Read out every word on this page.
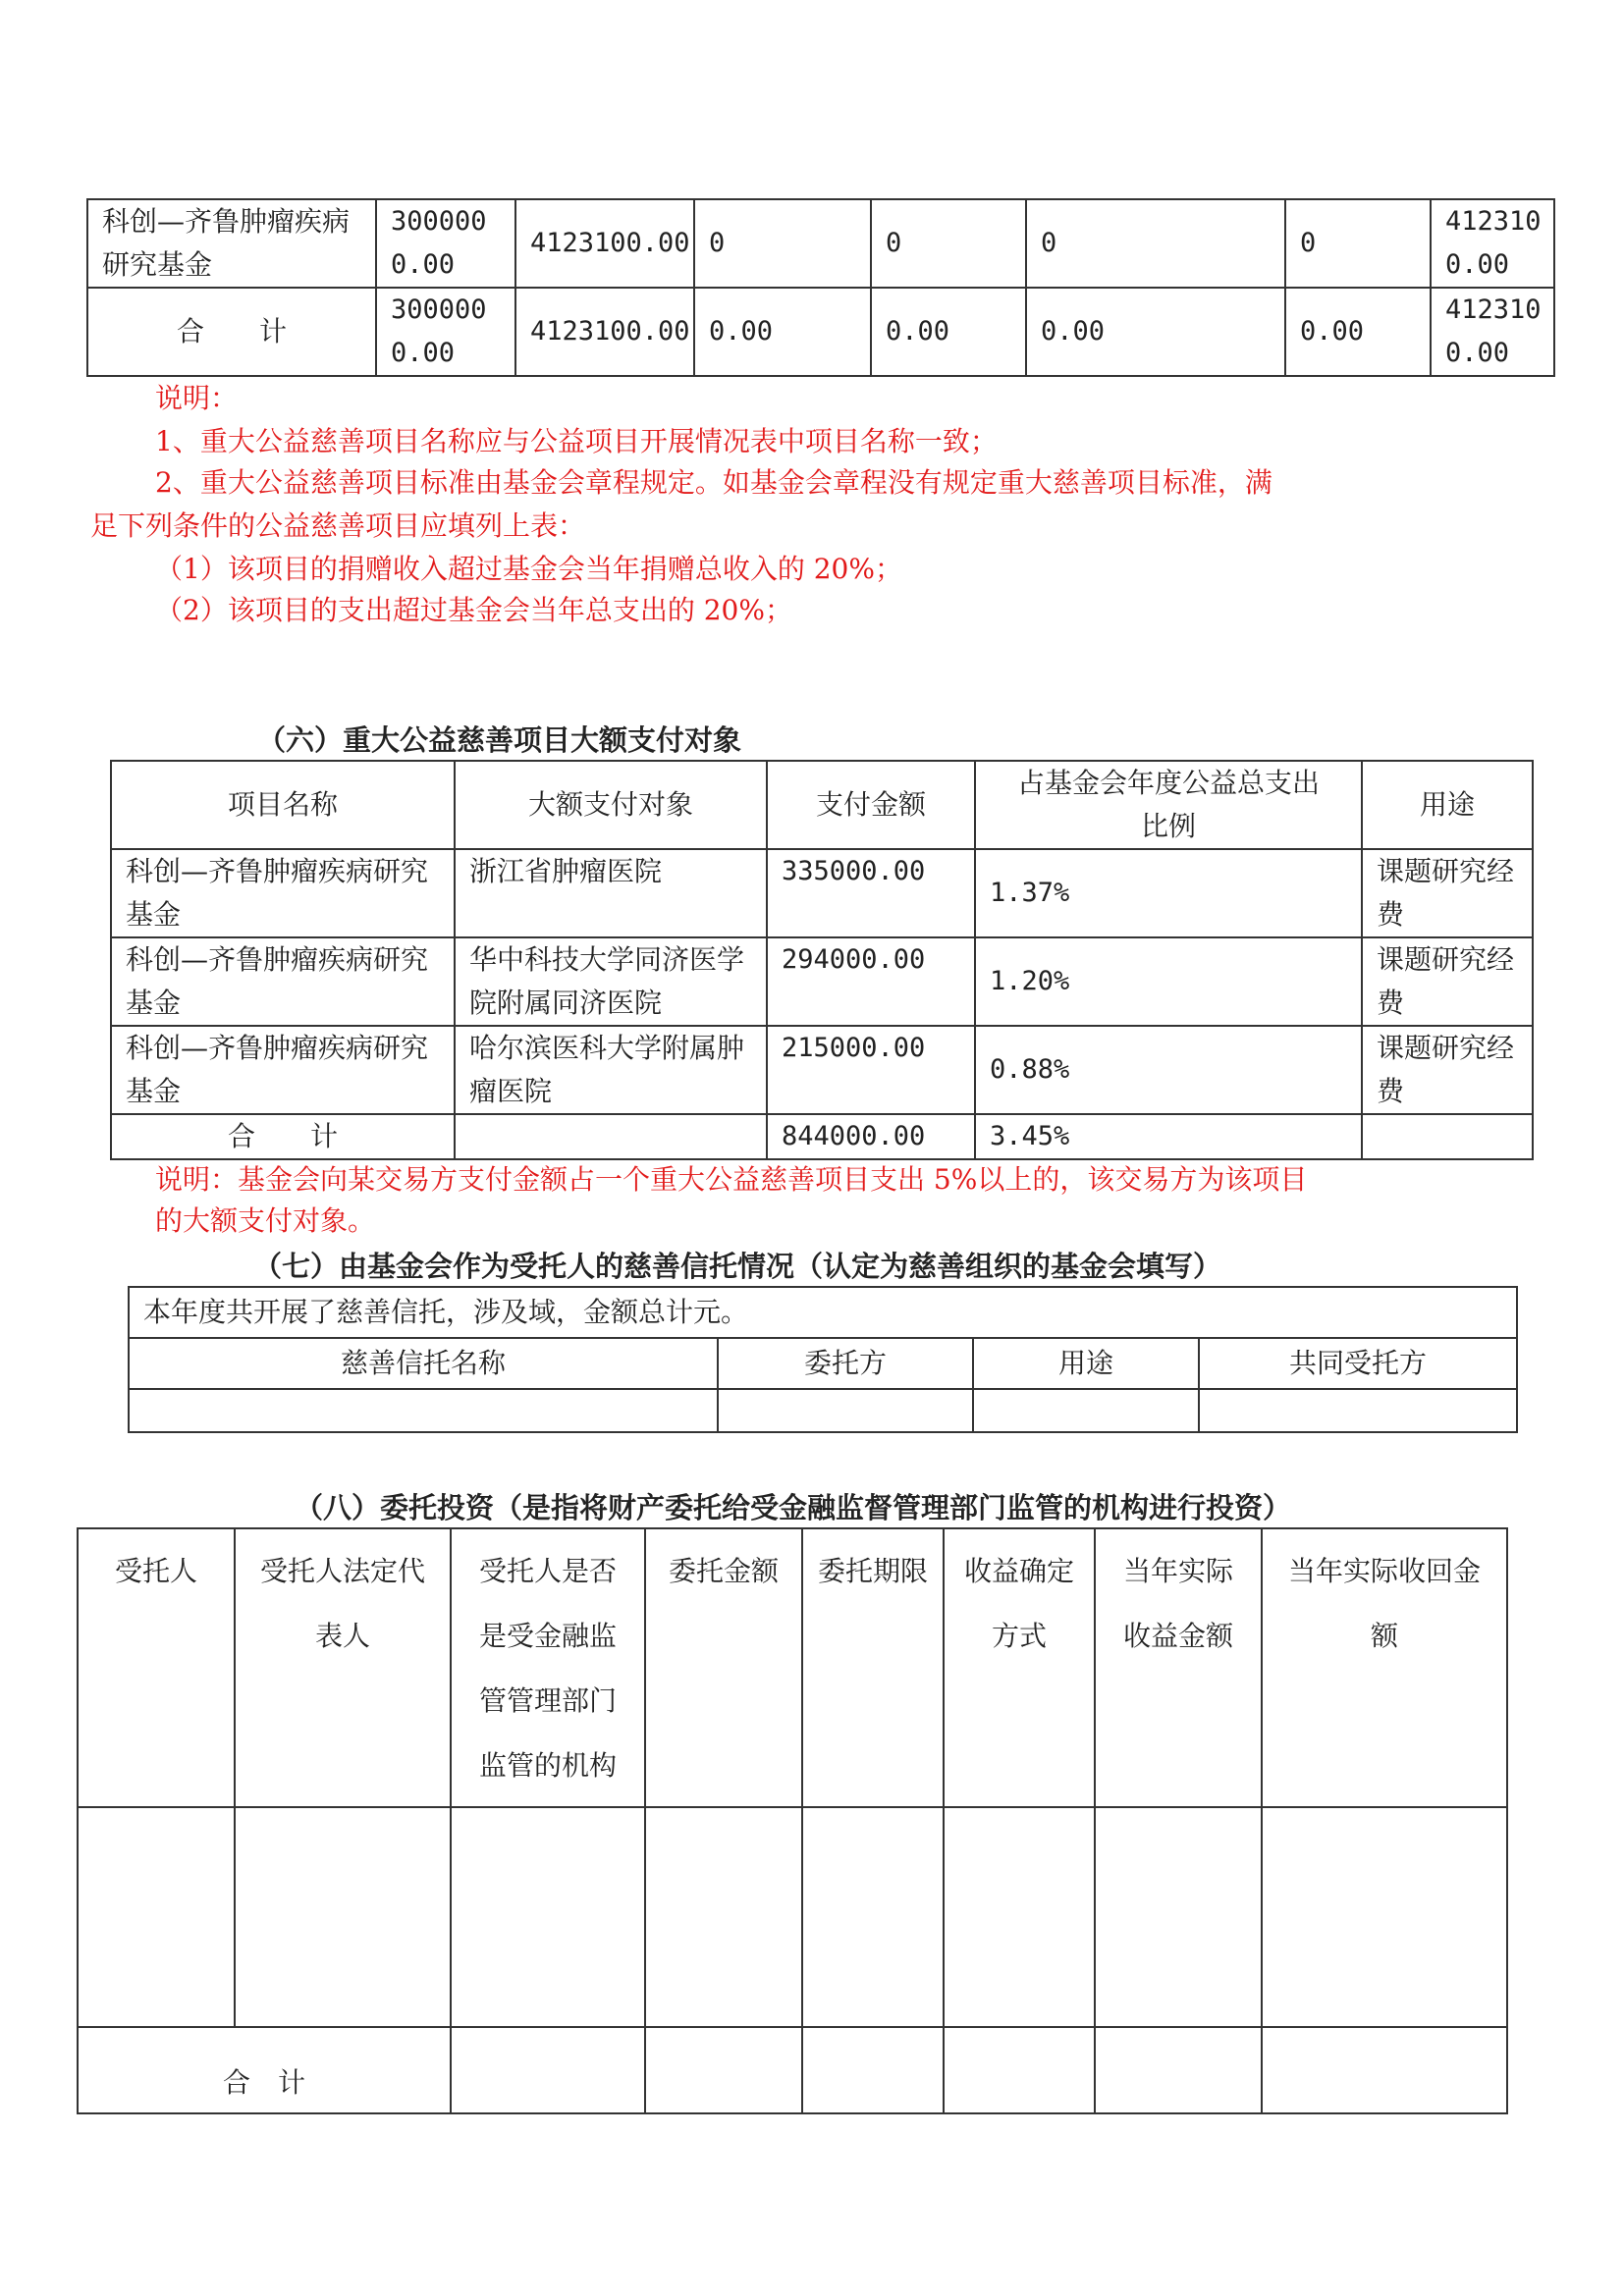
科创—齐鲁肿瘤疾病研究基金	3000000.00	4123100.00	0	0	0	0	4123100.00
合　　计	3000000.00	4123100.00	0.00	0.00	0.00	0.00	4123100.00
说明：
1、重大公益慈善项目名称应与公益项目开展情况表中项目名称一致；
2、重大公益慈善项目标准由基金会章程规定。如基金会章程没有规定重大慈善项目标准，满
足下列条件的公益慈善项目应填列上表：
（1）该项目的捐赠收入超过基金会当年捐赠总收入的 20%；
（2）该项目的支出超过基金会当年总支出的 20%；
（六）重大公益慈善项目大额支付对象
项目名称	大额支付对象	支付金额	占基金会年度公益总支出比例	用途
科创—齐鲁肿瘤疾病研究基金	浙江省肿瘤医院	335000.00	1.37%	课题研究经费
科创—齐鲁肿瘤疾病研究基金	华中科技大学同济医学院附属同济医院	294000.00	1.20%	课题研究经费
科创—齐鲁肿瘤疾病研究基金	哈尔滨医科大学附属肿瘤医院	215000.00	0.88%	课题研究经费
合　　计		844000.00	3.45%	
说明：基金会向某交易方支付金额占一个重大公益慈善项目支出 5%以上的，该交易方为该项目
的大额支付对象。
（七）由基金会作为受托人的慈善信托情况（认定为慈善组织的基金会填写）
本年度共开展了慈善信托，涉及域，金额总计元。			
慈善信托名称	委托方	用途	共同受托方

（八）委托投资（是指将财产委托给受金融监督管理部门监管的机构进行投资）
受托人	受托人法定代表人	受托人是否是受金融监管管理部门监管的机构	委托金额	委托期限	收益确定方式	当年实际收益金额	当年实际收回金额

合　计							
